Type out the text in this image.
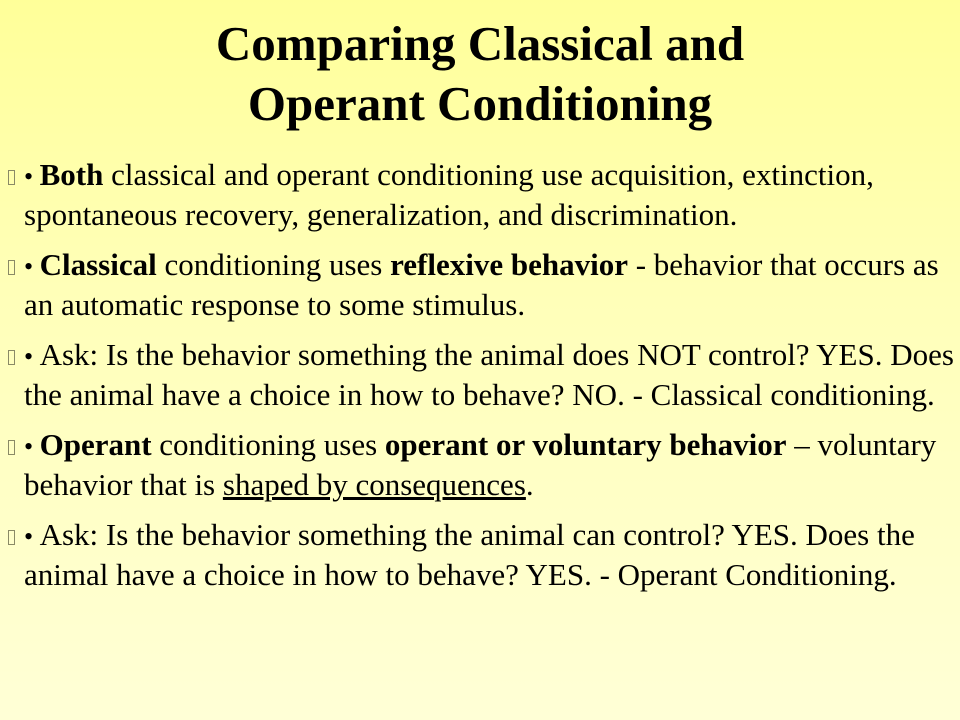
Comparing Classical and
Operant Conditioning
• Both classical and operant conditioning use acquisition, extinction, spontaneous recovery, generalization, and discrimination.
• Classical conditioning uses reflexive behavior - behavior that occurs as an automatic response to some stimulus.
• Ask: Is the behavior something the animal does NOT control? YES. Does the animal have a choice in how to behave? NO. - Classical conditioning.
• Operant conditioning uses operant or voluntary behavior – voluntary behavior that is shaped by consequences.
• Ask: Is the behavior something the animal can control? YES. Does the animal have a choice in how to behave? YES. - Operant Conditioning.
